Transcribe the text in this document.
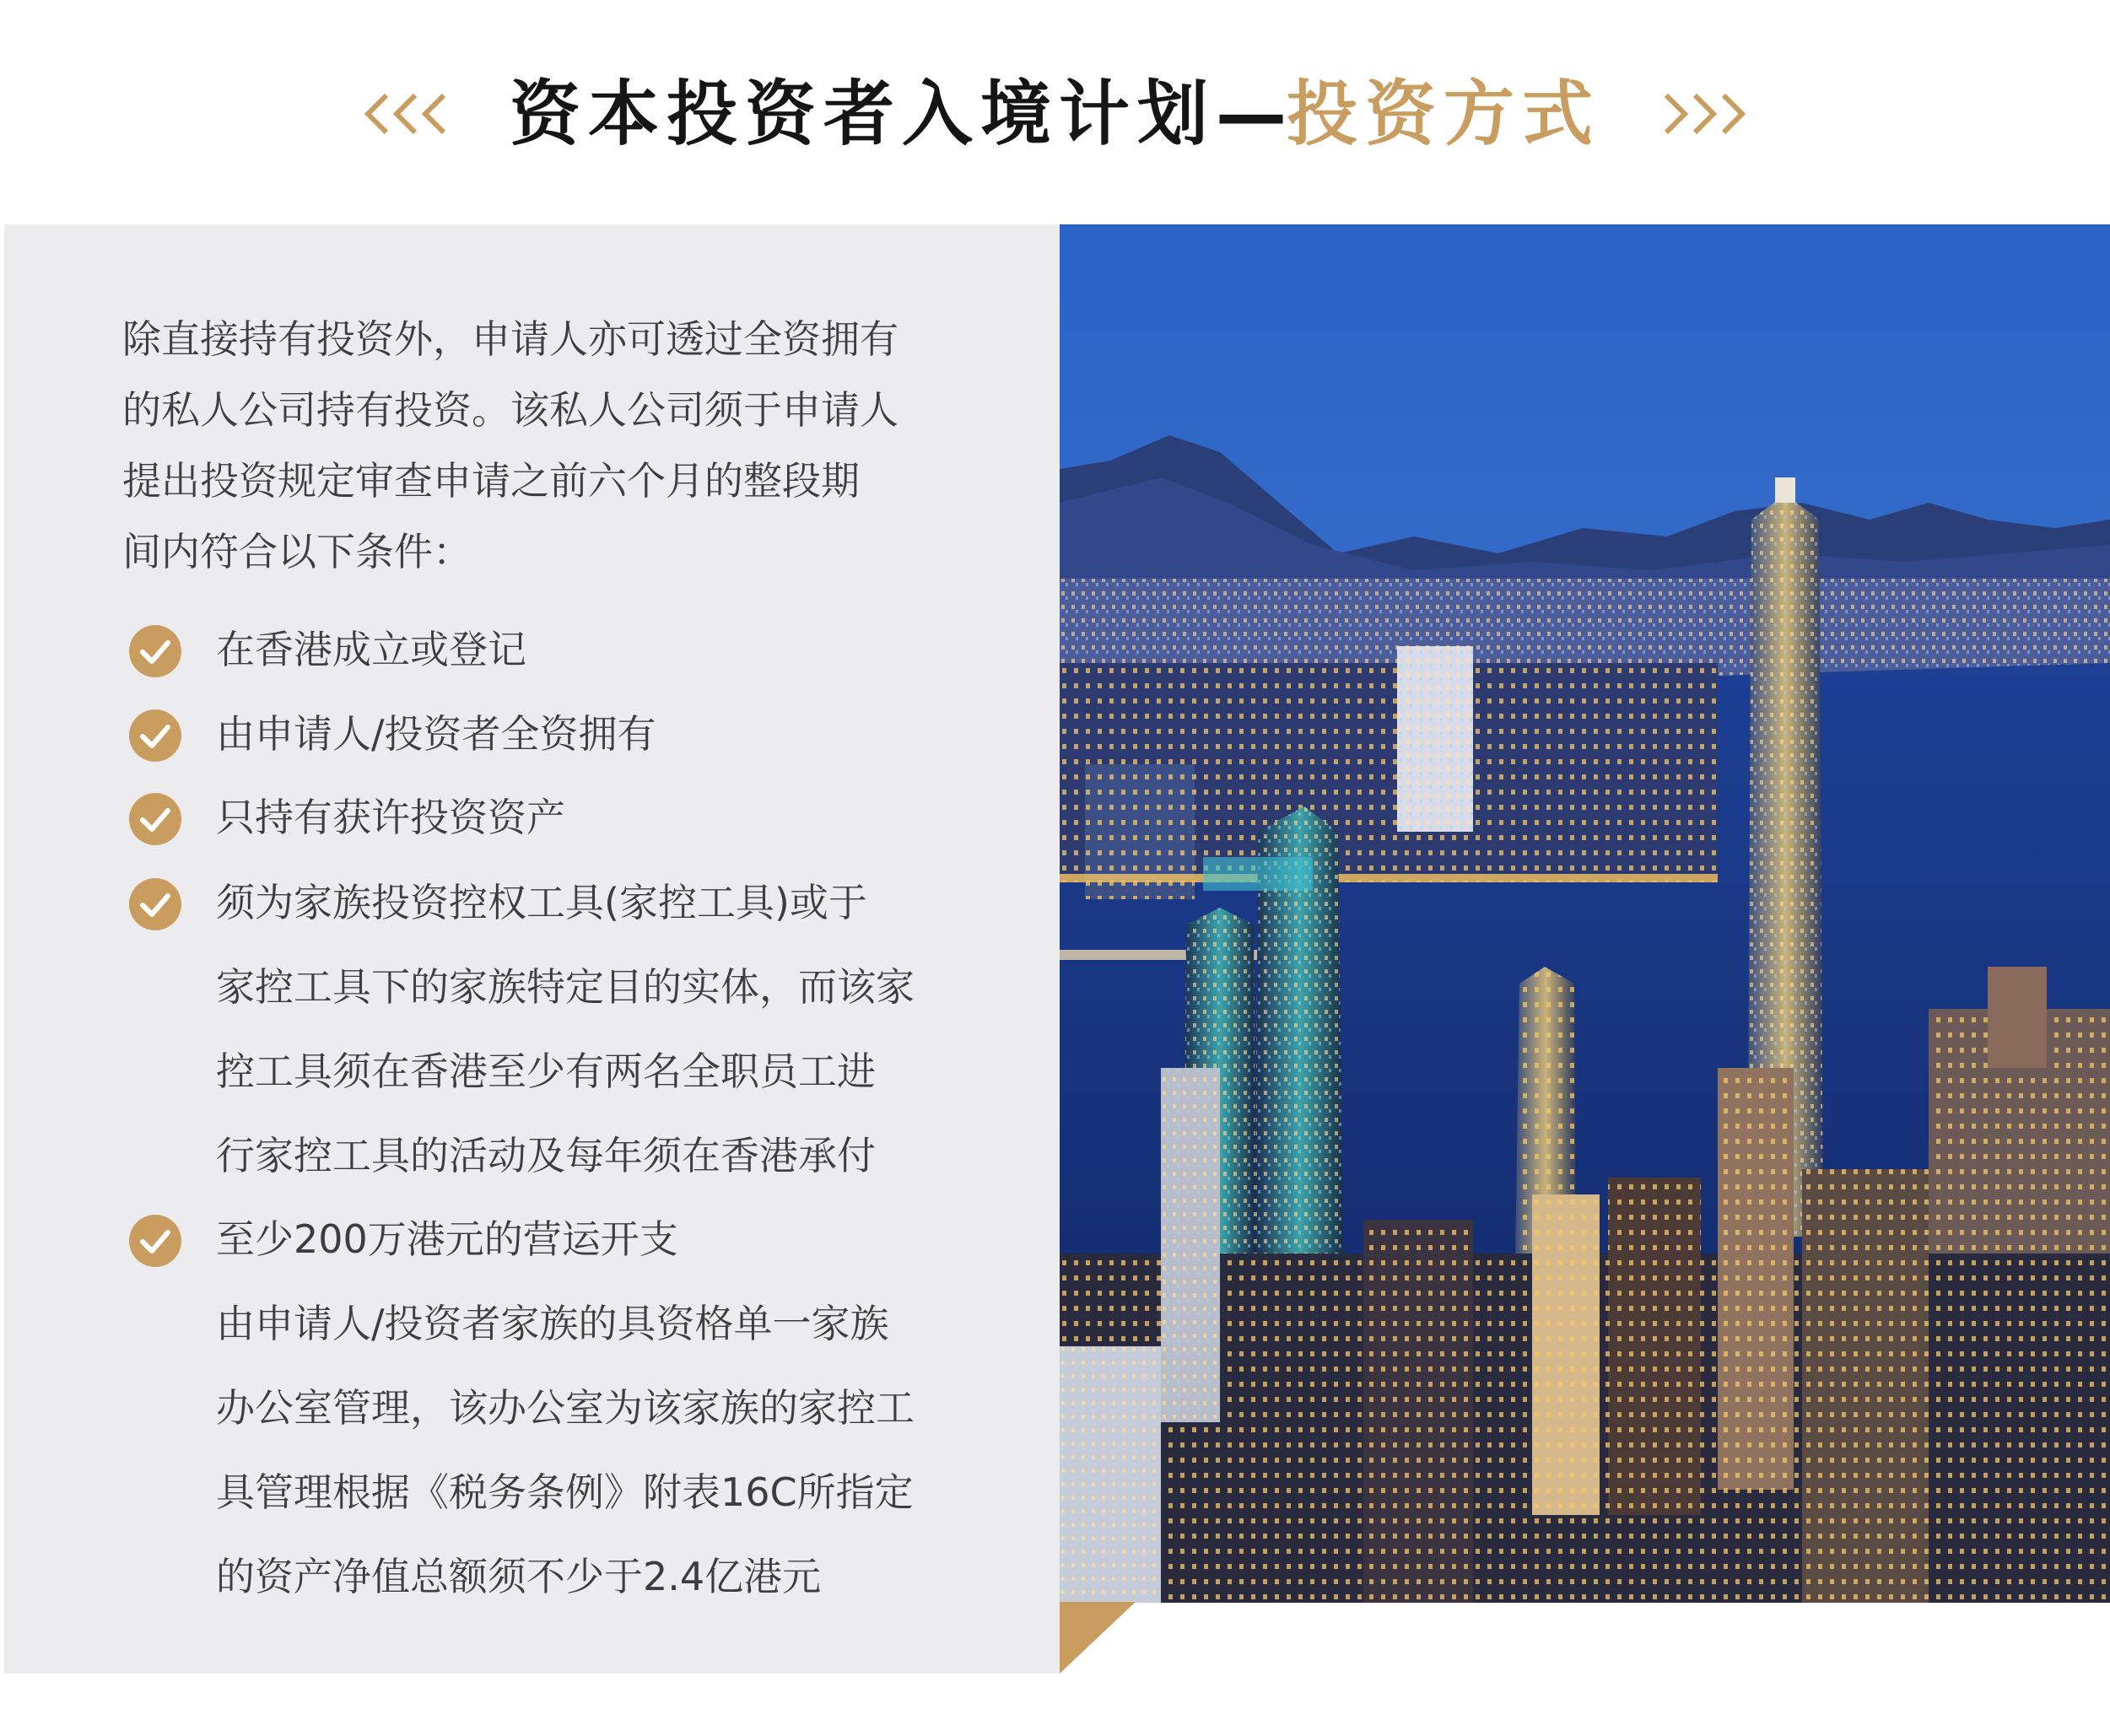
资本投资者入境计划—投资方式

除直接持有投资外，申请人亦可透过全资拥有
的私人公司持有投资。该私人公司须于申请人
提出投资规定审查申请之前六个月的整段期
间内符合以下条件：

在香港成立或登记
由申请人/投资者全资拥有
只持有获许投资资产
须为家族投资控权工具(家控工具)或于
家控工具下的家族特定目的实体，而该家
控工具须在香港至少有两名全职员工进
行家控工具的活动及每年须在香港承付
至少200万港元的营运开支
由申请人/投资者家族的具资格单一家族
办公室管理，该办公室为该家族的家控工
具管理根据《税务条例》附表16C所指定
的资产净值总额须不少于2.4亿港元
